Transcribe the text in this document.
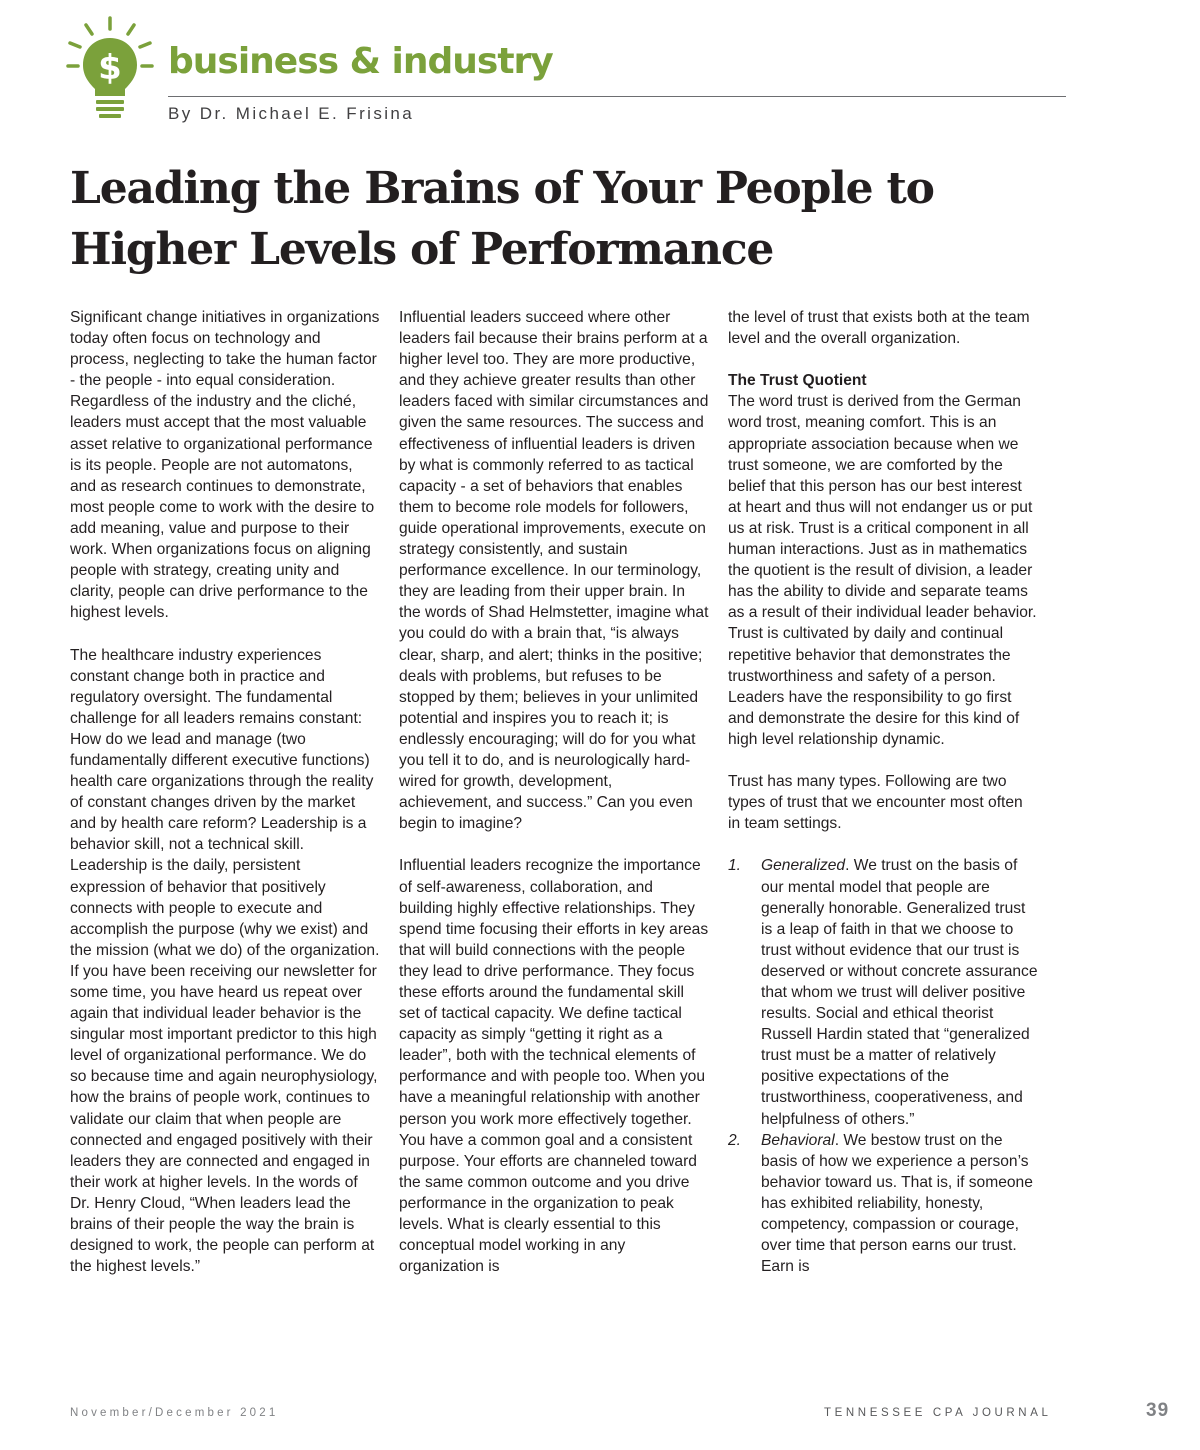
$ business & industry
By Dr. Michael E. Frisina
Leading the Brains of Your People to
Higher Levels of Performance

Significant change initiatives in organizations today often focus on technology and process, neglecting to take the human factor - the people - into equal consideration. Regardless of the industry and the cliché, leaders must accept that the most valuable asset relative to organizational performance is its people. People are not automatons, and as research continues to demonstrate, most people come to work with the desire to add meaning, value and purpose to their work. When organizations focus on aligning people with strategy, creating unity and clarity, people can drive performance to the highest levels.

The healthcare industry experiences constant change both in practice and regulatory oversight. The fundamental challenge for all leaders remains constant: How do we lead and manage (two fundamentally different executive functions) health care organizations through the reality of constant changes driven by the market and by health care reform? Leadership is a behavior skill, not a technical skill. Leadership is the daily, persistent expression of behavior that positively connects with people to execute and accomplish the purpose (why we exist) and the mission (what we do) of the organization. If you have been receiving our newsletter for some time, you have heard us repeat over again that individual leader behavior is the singular most important predictor to this high level of organizational performance. We do so because time and again neurophysiology, how the brains of people work, continues to validate our claim that when people are connected and engaged positively with their leaders they are connected and engaged in their work at higher levels. In the words of Dr. Henry Cloud, “When leaders lead the brains of their people the way the brain is designed to work, the people can perform at the highest levels.”

Influential leaders succeed where other leaders fail because their brains perform at a higher level too. They are more productive, and they achieve greater results than other leaders faced with similar circumstances and given the same resources. The success and effectiveness of influential leaders is driven by what is commonly referred to as tactical capacity - a set of behaviors that enables them to become role models for followers, guide operational improvements, execute on strategy consistently, and sustain performance excellence. In our terminology, they are leading from their upper brain. In the words of Shad Helmstetter, imagine what you could do with a brain that, “is always clear, sharp, and alert; thinks in the positive; deals with problems, but refuses to be stopped by them; believes in your unlimited potential and inspires you to reach it; is endlessly encouraging; will do for you what you tell it to do, and is neurologically hard-wired for growth, development, achievement, and success.” Can you even begin to imagine?

Influential leaders recognize the importance of self-awareness, collaboration, and building highly effective relationships. They spend time focusing their efforts in key areas that will build connections with the people they lead to drive performance. They focus these efforts around the fundamental skill set of tactical capacity. We define tactical capacity as simply “getting it right as a leader”, both with the technical elements of performance and with people too. When you have a meaningful relationship with another person you work more effectively together. You have a common goal and a consistent purpose. Your efforts are channeled toward the same common outcome and you drive performance in the organization to peak levels. What is clearly essential to this conceptual model working in any organization is

the level of trust that exists both at the team level and the overall organization.

The Trust Quotient

The word trust is derived from the German word trost, meaning comfort. This is an appropriate association because when we trust someone, we are comforted by the belief that this person has our best interest at heart and thus will not endanger us or put us at risk. Trust is a critical component in all human interactions. Just as in mathematics the quotient is the result of division, a leader has the ability to divide and separate teams as a result of their individual leader behavior. Trust is cultivated by daily and continual repetitive behavior that demonstrates the trustworthiness and safety of a person. Leaders have the responsibility to go first and demonstrate the desire for this kind of high level relationship dynamic.

Trust has many types. Following are two types of trust that we encounter most often in team settings.

1. Generalized. We trust on the basis of our mental model that people are generally honorable. Generalized trust is a leap of faith in that we choose to trust without evidence that our trust is deserved or without concrete assurance that whom we trust will deliver positive results. Social and ethical theorist Russell Hardin stated that “generalized trust must be a matter of relatively positive expectations of the trustworthiness, cooperativeness, and helpfulness of others.”
2. Behavioral. We bestow trust on the basis of how we experience a person’s behavior toward us. That is, if someone has exhibited reliability, honesty, competency, compassion or courage, over time that person earns our trust. Earn is
November/December 2021	TENNESSEE CPA JOURNAL	39
